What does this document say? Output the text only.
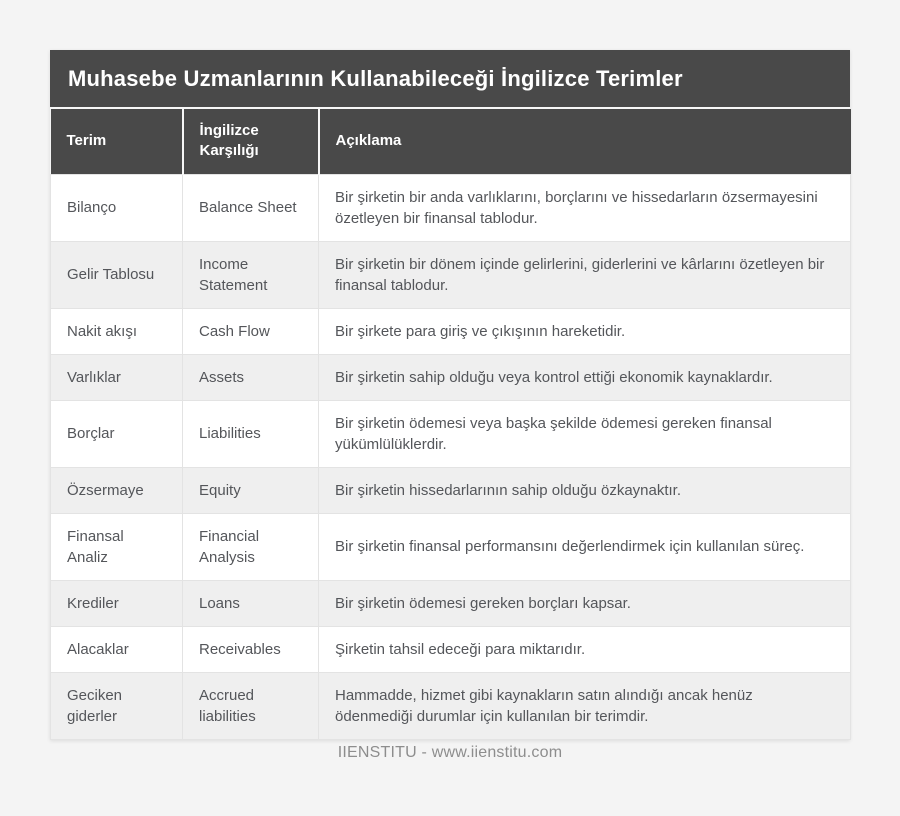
Muhasebe Uzmanlarının Kullanabileceği İngilizce Terimler
Terim	İngilizce Karşılığı	Açıklama
Bilanço	Balance Sheet	Bir şirketin bir anda varlıklarını, borçlarını ve hissedarların özsermayesini özetleyen bir finansal tablodur.
Gelir Tablosu	Income Statement	Bir şirketin bir dönem içinde gelirlerini, giderlerini ve kârlarını özetleyen bir finansal tablodur.
Nakit akışı	Cash Flow	Bir şirkete para giriş ve çıkışının hareketidir.
Varlıklar	Assets	Bir şirketin sahip olduğu veya kontrol ettiği ekonomik kaynaklardır.
Borçlar	Liabilities	Bir şirketin ödemesi veya başka şekilde ödemesi gereken finansal yükümlülüklerdir.
Özsermaye	Equity	Bir şirketin hissedarlarının sahip olduğu özkaynaktır.
Finansal Analiz	Financial Analysis	Bir şirketin finansal performansını değerlendirmek için kullanılan süreç.
Krediler	Loans	Bir şirketin ödemesi gereken borçları kapsar.
Alacaklar	Receivables	Şirketin tahsil edeceği para miktarıdır.
Geciken giderler	Accrued liabilities	Hammadde, hizmet gibi kaynakların satın alındığı ancak henüz ödenmediği durumlar için kullanılan bir terimdir.
IIENSTITU - www.iienstitu.com
